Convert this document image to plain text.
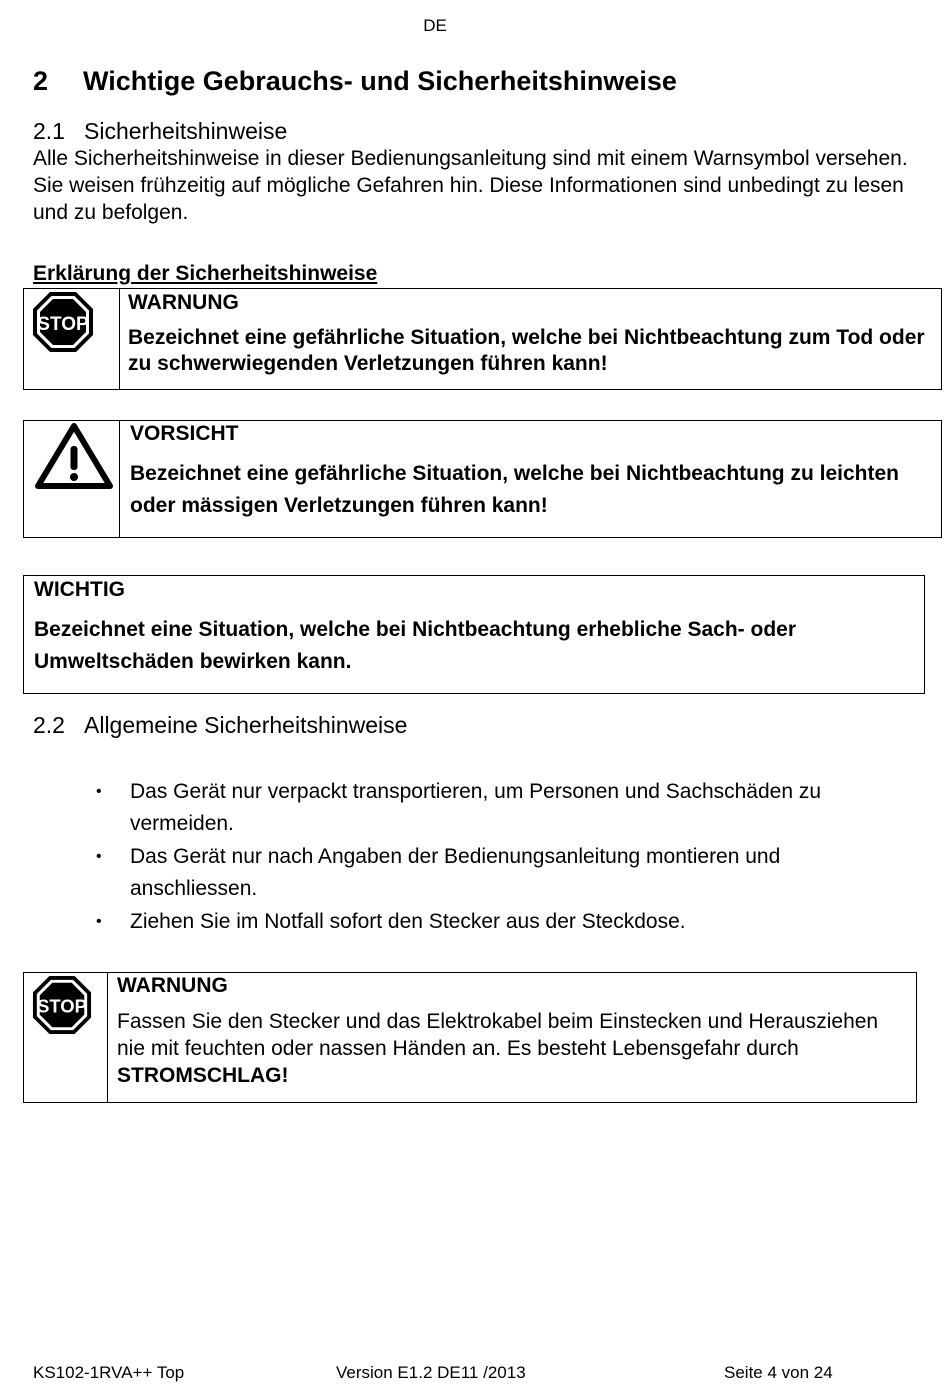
DE
2 Wichtige Gebrauchs- und Sicherheitshinweise
2.1 Sicherheitshinweise
Alle Sicherheitshinweise in dieser Bedienungsanleitung sind mit einem Warnsymbol versehen. Sie weisen frühzeitig auf mögliche Gefahren hin. Diese Informationen sind unbedingt zu lesen und zu befolgen.
Erklärung der Sicherheitshinweise
STOP
WARNUNG
Bezeichnet eine gefährliche Situation, welche bei Nichtbeachtung zum Tod oder zu schwerwiegenden Verletzungen führen kann!
VORSICHT
Bezeichnet eine gefährliche Situation, welche bei Nichtbeachtung zu leichten oder mässigen Verletzungen führen kann!
WICHTIG
Bezeichnet eine Situation, welche bei Nichtbeachtung erhebliche Sach- oder Umweltschäden bewirken kann.
2.2 Allgemeine Sicherheitshinweise
• Das Gerät nur verpackt transportieren, um Personen und Sachschäden zu vermeiden.
• Das Gerät nur nach Angaben der Bedienungsanleitung montieren und anschliessen.
• Ziehen Sie im Notfall sofort den Stecker aus der Steckdose.
STOP
WARNUNG
Fassen Sie den Stecker und das Elektrokabel beim Einstecken und Herausziehen nie mit feuchten oder nassen Händen an. Es besteht Lebensgefahr durch STROMSCHLAG!
KS102-1RVA++ Top	Version E1.2 DE11 /2013	Seite 4 von 24
